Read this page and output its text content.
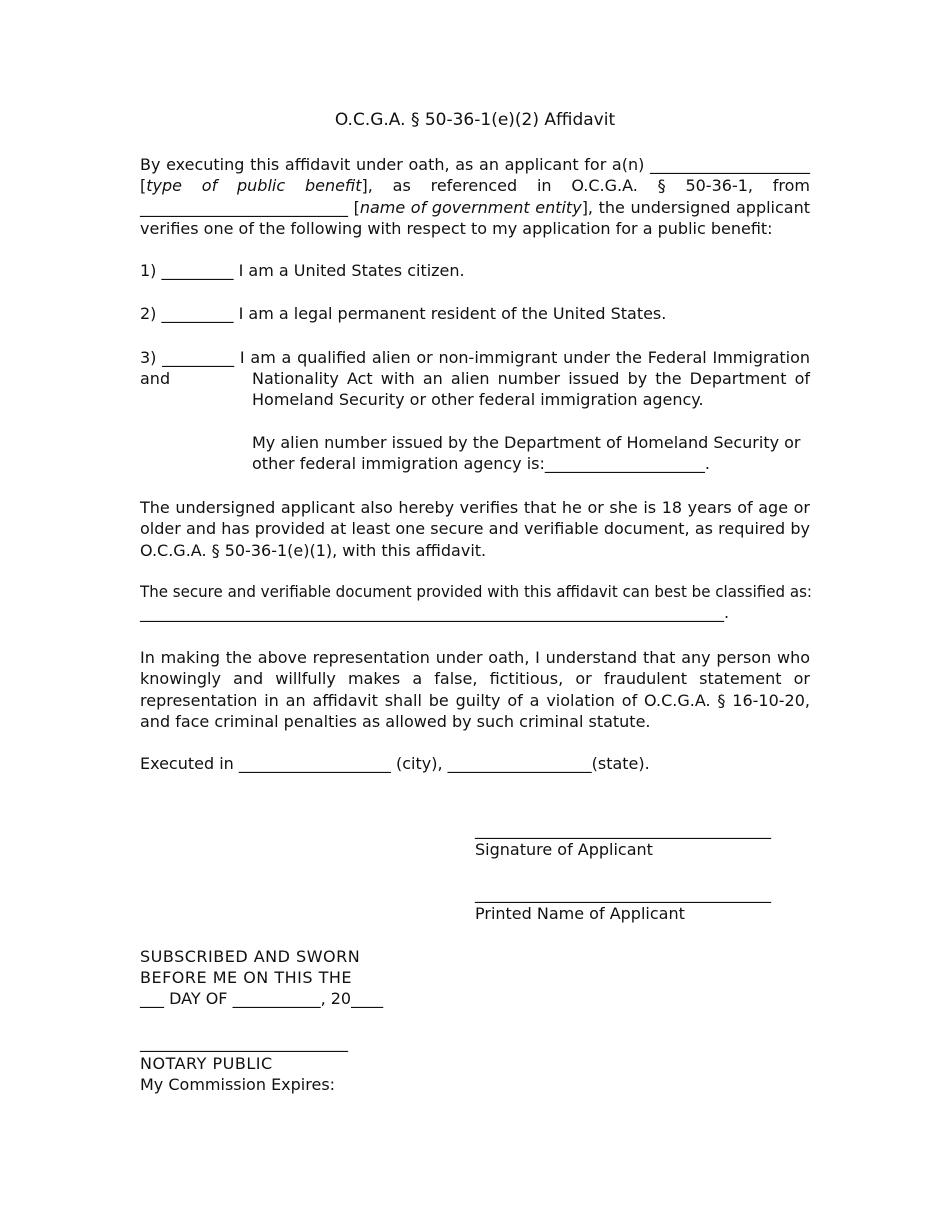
O.C.G.A. § 50-36-1(e)(2) Affidavit
By executing this affidavit under oath, as an applicant for a(n) ____________________ [type of public benefit], as referenced in O.C.G.A. § 50-36-1, from __________________________ [name of government entity], the undersigned applicant verifies one of the following with respect to my application for a public benefit:
1) _________ I am a United States citizen.
2) _________ I am a legal permanent resident of the United States.
3) _________ I am a qualified alien or non-immigrant under the Federal Immigration and	Nationality Act with an alien number issued by the Department of Homeland Security or other federal immigration agency.
My alien number issued by the Department of Homeland Security or other federal immigration agency is:____________________.
The undersigned applicant also hereby verifies that he or she is 18 years of age or older and has provided at least one secure and verifiable document, as required by O.C.G.A. § 50-36-1(e)(1), with this affidavit.
The secure and verifiable document provided with this affidavit can best be classified as:
_________________________________________________________________________.
In making the above representation under oath, I understand that any person who knowingly and willfully makes a false, fictitious, or fraudulent statement or representation in an affidavit shall be guilty of a violation of O.C.G.A. § 16-10-20, and face criminal penalties as allowed by such criminal statute.
Executed in ___________________ (city), __________________(state).
_____________________________________
Signature of Applicant
_____________________________________
Printed Name of Applicant
SUBSCRIBED AND SWORN
BEFORE ME ON THIS THE
___ DAY OF ___________, 20____
__________________________
NOTARY PUBLIC
My Commission Expires:
